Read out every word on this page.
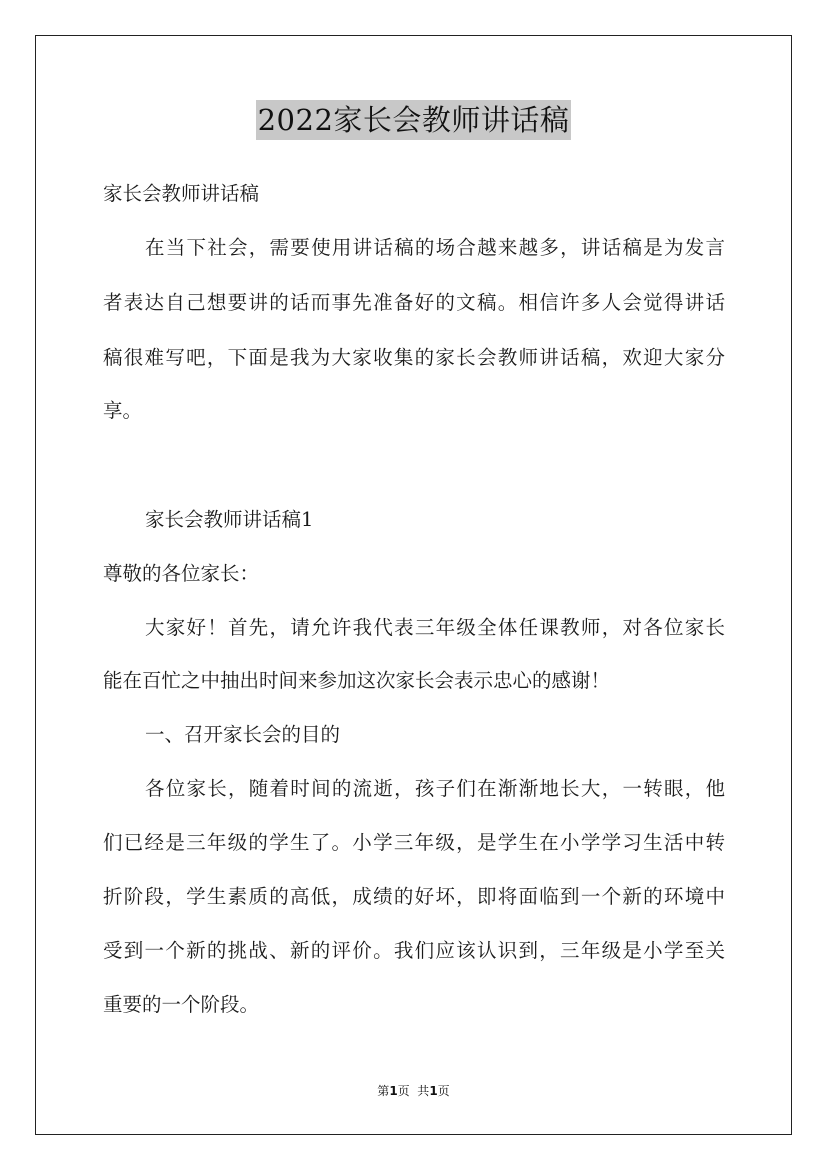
2022家长会教师讲话稿
家长会教师讲话稿
在当下社会，需要使用讲话稿的场合越来越多，讲话稿是为发言
者表达自己想要讲的话而事先准备好的文稿。相信许多人会觉得讲话
稿很难写吧，下面是我为大家收集的家长会教师讲话稿，欢迎大家分
享。
家长会教师讲话稿1
尊敬的各位家长：
大家好！首先，请允许我代表三年级全体任课教师，对各位家长
能在百忙之中抽出时间来参加这次家长会表示忠心的感谢！
一、召开家长会的目的
各位家长，随着时间的流逝，孩子们在渐渐地长大，一转眼，他
们已经是三年级的学生了。小学三年级，是学生在小学学习生活中转
折阶段，学生素质的高低，成绩的好坏，即将面临到一个新的环境中
受到一个新的挑战、新的评价。我们应该认识到，三年级是小学至关
重要的一个阶段。
第1页  共1页
